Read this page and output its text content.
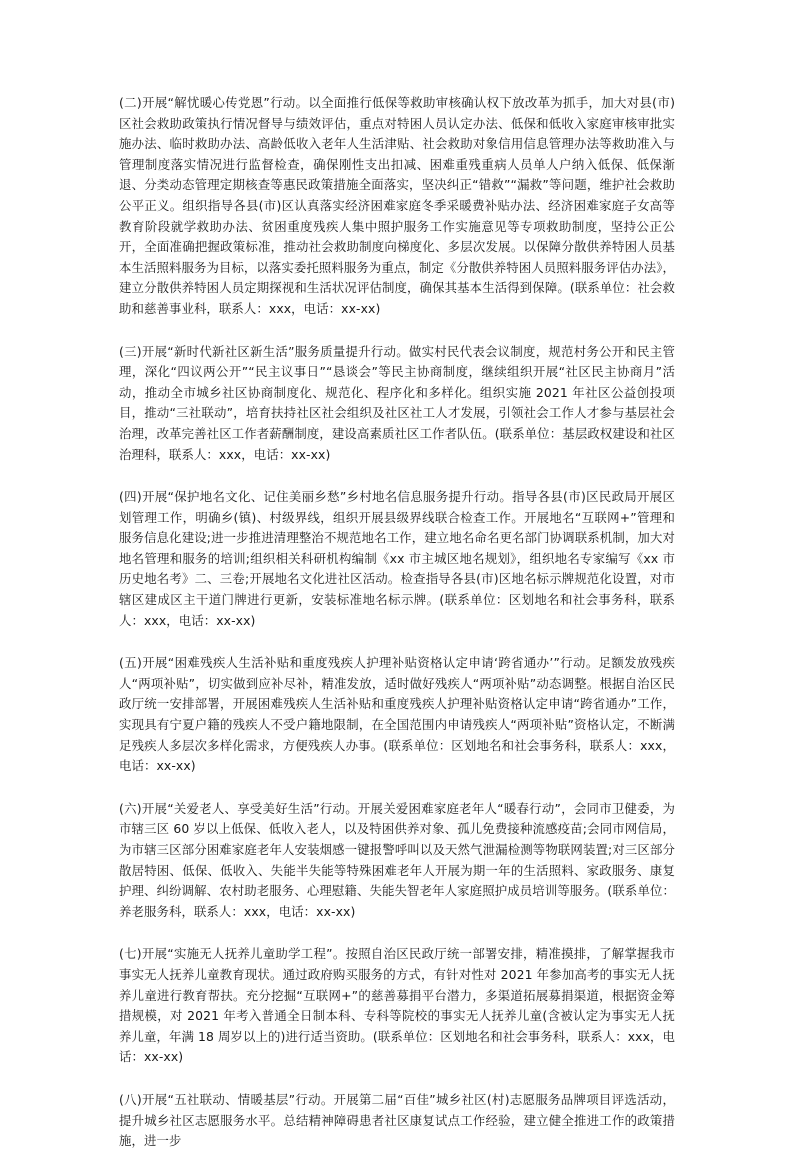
(二)开展“解忧暖心传党恩”行动。以全面推行低保等救助审核确认权下放改革为抓手，加大对县(市)区社会救助政策执行情况督导与绩效评估，重点对特困人员认定办法、低保和低收入家庭审核审批实施办法、临时救助办法、高龄低收入老年人生活津贴、社会救助对象信用信息管理办法等救助准入与管理制度落实情况进行监督检查，确保刚性支出扣减、困难重残重病人员单人户纳入低保、低保渐退、分类动态管理定期核查等惠民政策措施全面落实，坚决纠正“错救”“漏救”等问题，维护社会救助公平正义。组织指导各县(市)区认真落实经济困难家庭冬季采暖费补贴办法、经济困难家庭子女高等教育阶段就学救助办法、贫困重度残疾人集中照护服务工作实施意见等专项救助制度，坚持公正公开，全面准确把握政策标准，推动社会救助制度向梯度化、多层次发展。以保障分散供养特困人员基本生活照料服务为目标，以落实委托照料服务为重点，制定《分散供养特困人员照料服务评估办法》，建立分散供养特困人员定期探视和生活状况评估制度，确保其基本生活得到保障。(联系单位：社会救助和慈善事业科，联系人：xxx，电话：xx-xx)

(三)开展“新时代新社区新生活”服务质量提升行动。做实村民代表会议制度，规范村务公开和民主管理，深化“四议两公开”“民主议事日”“恳谈会”等民主协商制度，继续组织开展“社区民主协商月”活动，推动全市城乡社区协商制度化、规范化、程序化和多样化。组织实施 2021 年社区公益创投项目，推动“三社联动”，培育扶持社区社会组织及社区社工人才发展，引领社会工作人才参与基层社会治理，改革完善社区工作者薪酬制度，建设高素质社区工作者队伍。(联系单位：基层政权建设和社区治理科，联系人：xxx，电话：xx-xx)

(四)开展“保护地名文化、记住美丽乡愁”乡村地名信息服务提升行动。指导各县(市)区民政局开展区划管理工作，明确乡(镇)、村级界线，组织开展县级界线联合检查工作。开展地名“互联网+”管理和服务信息化建设;进一步推进清理整治不规范地名工作，建立地名命名更名部门协调联系机制，加大对地名管理和服务的培训;组织相关科研机构编制《xx 市主城区地名规划》，组织地名专家编写《xx 市历史地名考》二、三卷;开展地名文化进社区活动。检查指导各县(市)区地名标示牌规范化设置，对市辖区建成区主干道门牌进行更新，安装标准地名标示牌。(联系单位：区划地名和社会事务科，联系人：xxx，电话：xx-xx)

(五)开展“困难残疾人生活补贴和重度残疾人护理补贴资格认定申请‘跨省通办’”行动。足额发放残疾人“两项补贴”，切实做到应补尽补，精准发放，适时做好残疾人“两项补贴”动态调整。根据自治区民政厅统一安排部署，开展困难残疾人生活补贴和重度残疾人护理补贴资格认定申请“跨省通办”工作，实现具有宁夏户籍的残疾人不受户籍地限制，在全国范围内申请残疾人“两项补贴”资格认定，不断满足残疾人多层次多样化需求，方便残疾人办事。(联系单位：区划地名和社会事务科，联系人：xxx，电话：xx-xx)

(六)开展“关爱老人、享受美好生活”行动。开展关爱困难家庭老年人“暖春行动”，会同市卫健委，为市辖三区 60 岁以上低保、低收入老人，以及特困供养对象、孤儿免费接种流感疫苗;会同市网信局，为市辖三区部分困难家庭老年人安装烟感一键报警呼叫以及天然气泄漏检测等物联网装置;对三区部分散居特困、低保、低收入、失能半失能等特殊困难老年人开展为期一年的生活照料、家政服务、康复护理、纠纷调解、农村助老服务、心理慰籍、失能失智老年人家庭照护成员培训等服务。(联系单位：养老服务科，联系人：xxx，电话：xx-xx)

(七)开展“实施无人抚养儿童助学工程”。按照自治区民政厅统一部署安排，精准摸排，了解掌握我市事实无人抚养儿童教育现状。通过政府购买服务的方式，有针对性对 2021 年参加高考的事实无人抚养儿童进行教育帮扶。充分挖掘“互联网+”的慈善募捐平台潜力，多渠道拓展募捐渠道，根据资金筹措规模，对 2021 年考入普通全日制本科、专科等院校的事实无人抚养儿童(含被认定为事实无人抚养儿童，年满 18 周岁以上的)进行适当资助。(联系单位：区划地名和社会事务科，联系人：xxx，电话：xx-xx)

(八)开展“五社联动、情暖基层”行动。开展第二届“百佳”城乡社区(村)志愿服务品牌项目评选活动，提升城乡社区志愿服务水平。总结精神障碍患者社区康复试点工作经验，建立健全推进工作的政策措施，进一步
